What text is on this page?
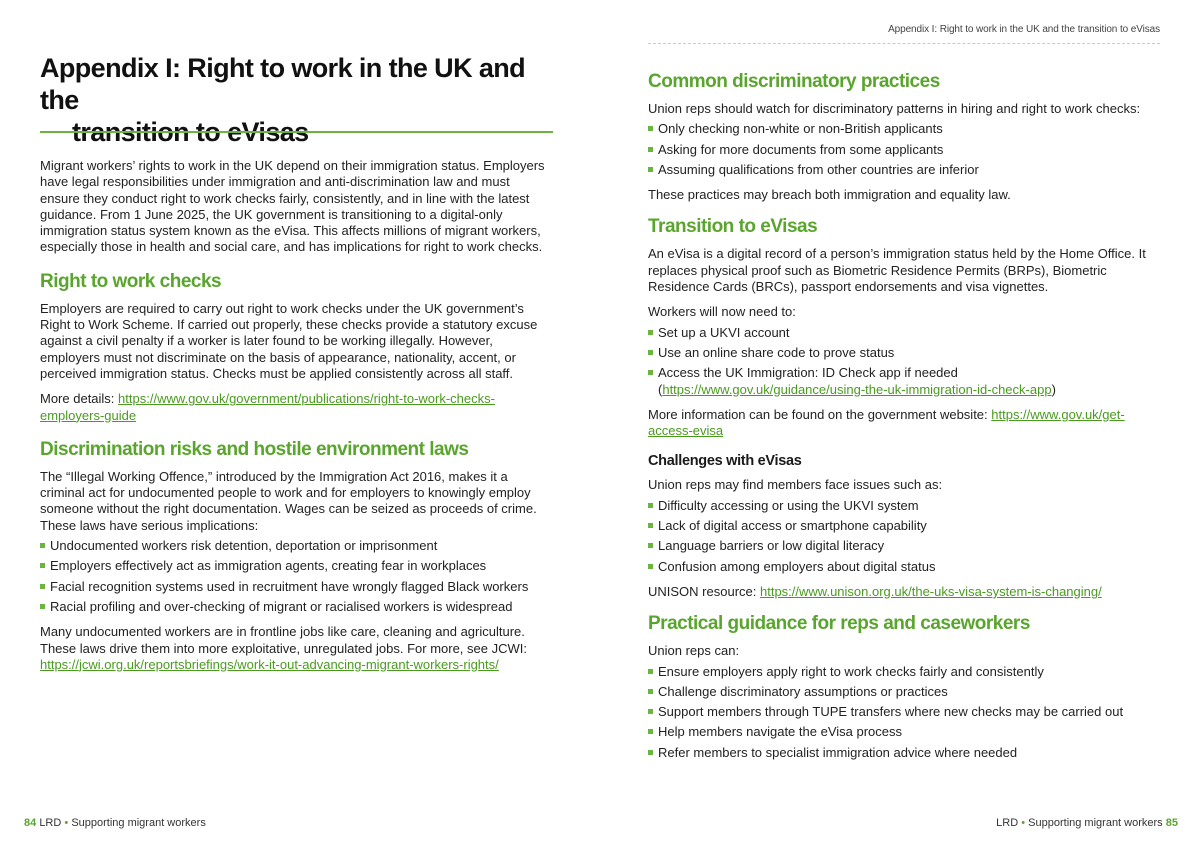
Appendix I: Right to work in the UK and the
transition to eVisas

Migrant workers’ rights to work in the UK depend on their immigration status. Employers have legal responsibilities under immigration and anti-discrimination law and must ensure they conduct right to work checks fairly, consistently, and in line with the latest guidance. From 1 June 2025, the UK government is transitioning to a digital-only immigration status system known as the eVisa. This affects millions of migrant workers, especially those in health and social care, and has implications for right to work checks.

Right to work checks

Employers are required to carry out right to work checks under the UK government’s Right to Work Scheme. If carried out properly, these checks provide a statutory excuse against a civil penalty if a worker is later found to be working illegally. However, employers must not discriminate on the basis of appearance, nationality, accent, or perceived immigration status. Checks must be applied consistently across all staff.

More details: https://www.gov.uk/government/publications/right-to-work-checks-employers-guide

Discrimination risks and hostile environment laws

The “Illegal Working Offence,” introduced by the Immigration Act 2016, makes it a criminal act for undocumented people to work and for employers to knowingly employ someone without the right documentation. Wages can be seized as proceeds of crime. These laws have serious implications:

Undocumented workers risk detention, deportation or imprisonment
Employers effectively act as immigration agents, creating fear in workplaces
Facial recognition systems used in recruitment have wrongly flagged Black workers
Racial profiling and over-checking of migrant or racialised workers is widespread

Many undocumented workers are in frontline jobs like care, cleaning and agriculture. These laws drive them into more exploitative, unregulated jobs. For more, see JCWI: https://jcwi.org.uk/reportsbriefings/work-it-out-advancing-migrant-workers-rights/

84 LRD • Supporting migrant workers
Appendix I: Right to work in the UK and the transition to eVisas
Common discriminatory practices

Union reps should watch for discriminatory patterns in hiring and right to work checks:

Only checking non-white or non-British applicants
Asking for more documents from some applicants
Assuming qualifications from other countries are inferior

These practices may breach both immigration and equality law.

Transition to eVisas

An eVisa is a digital record of a person’s immigration status held by the Home Office. It replaces physical proof such as Biometric Residence Permits (BRPs), Biometric Residence Cards (BRCs), passport endorsements and visa vignettes.

Workers will now need to:

Set up a UKVI account
Use an online share code to prove status
Access the UK Immigration: ID Check app if needed (https://www.gov.uk/guidance/using-the-uk-immigration-id-check-app)

More information can be found on the government website: https://www.gov.uk/get-access-evisa

Challenges with eVisas

Union reps may find members face issues such as:

Difficulty accessing or using the UKVI system
Lack of digital access or smartphone capability
Language barriers or low digital literacy
Confusion among employers about digital status

UNISON resource: https://www.unison.org.uk/the-uks-visa-system-is-changing/

Practical guidance for reps and caseworkers

Union reps can:

Ensure employers apply right to work checks fairly and consistently
Challenge discriminatory assumptions or practices
Support members through TUPE transfers where new checks may be carried out
Help members navigate the eVisa process
Refer members to specialist immigration advice where needed
LRD • Supporting migrant workers 85
